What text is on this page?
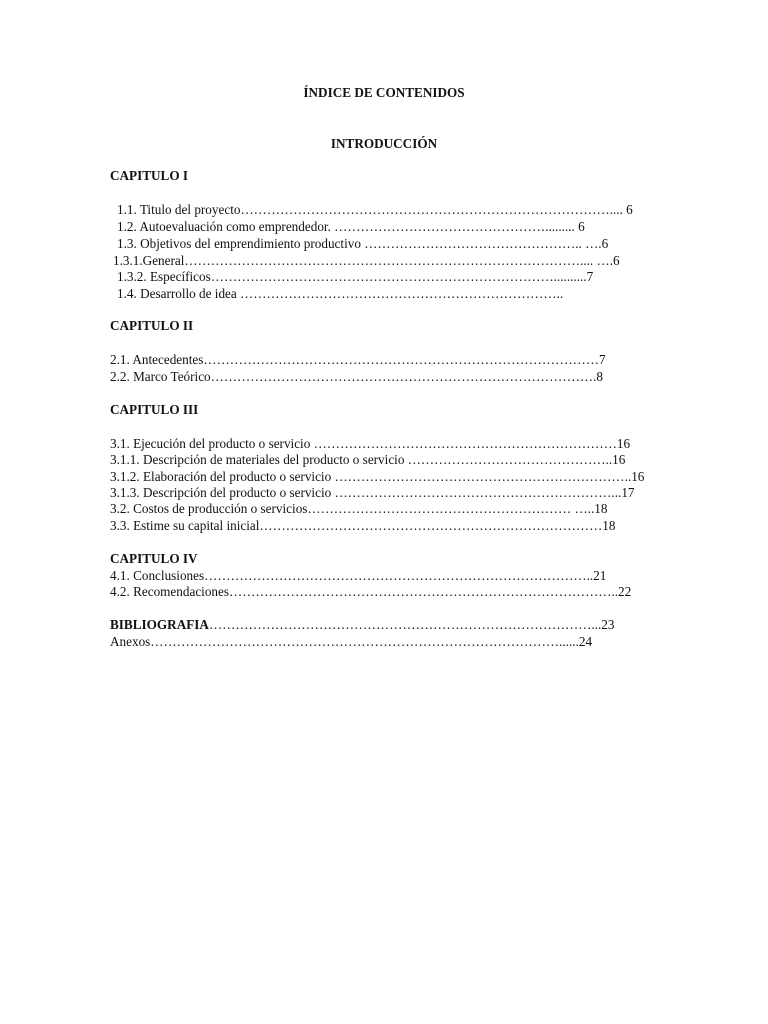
ÍNDICE DE CONTENIDOS
INTRODUCCIÓN
CAPITULO I
1.1. Titulo del proyecto………………………………………………………………………….... 6
1.2. Autoevaluación como emprendedor. …………………………………………......... 6
1.3. Objetivos del emprendimiento productivo ………………………………………….. ….6
1.3.1.General……………………………………………………………………………….... ….6
1.3.2. Específicos……………………………………………………………………..........7
1.4. Desarrollo de idea ………………………………………………………………..
CAPITULO II
2.1. Antecedentes………………………………………………………………………………7
2.2. Marco Teórico…………………………………………………………………………….8
CAPITULO III
3.1. Ejecución del producto o servicio ……………………………………………………………16
3.1.1. Descripción de materiales del producto o servicio ………………………………………..16
3.1.2. Elaboración del producto o servicio …………………………………………………………..16
3.1.3. Descripción del producto o servicio ………………………………………………………...17
3.2. Costos de producción o servicios…………………………………………………… …..18
3.3. Estime su capital inicial……………………………………………………………………18
CAPITULO IV
4.1. Conclusiones……………………………………………………………………………..21
4.2. Recomendaciones……………………………………………………………………………..22
BIBLIOGRAFIA……………………………………………………………………………...23
Anexos…………………………………………………………………………………......24
